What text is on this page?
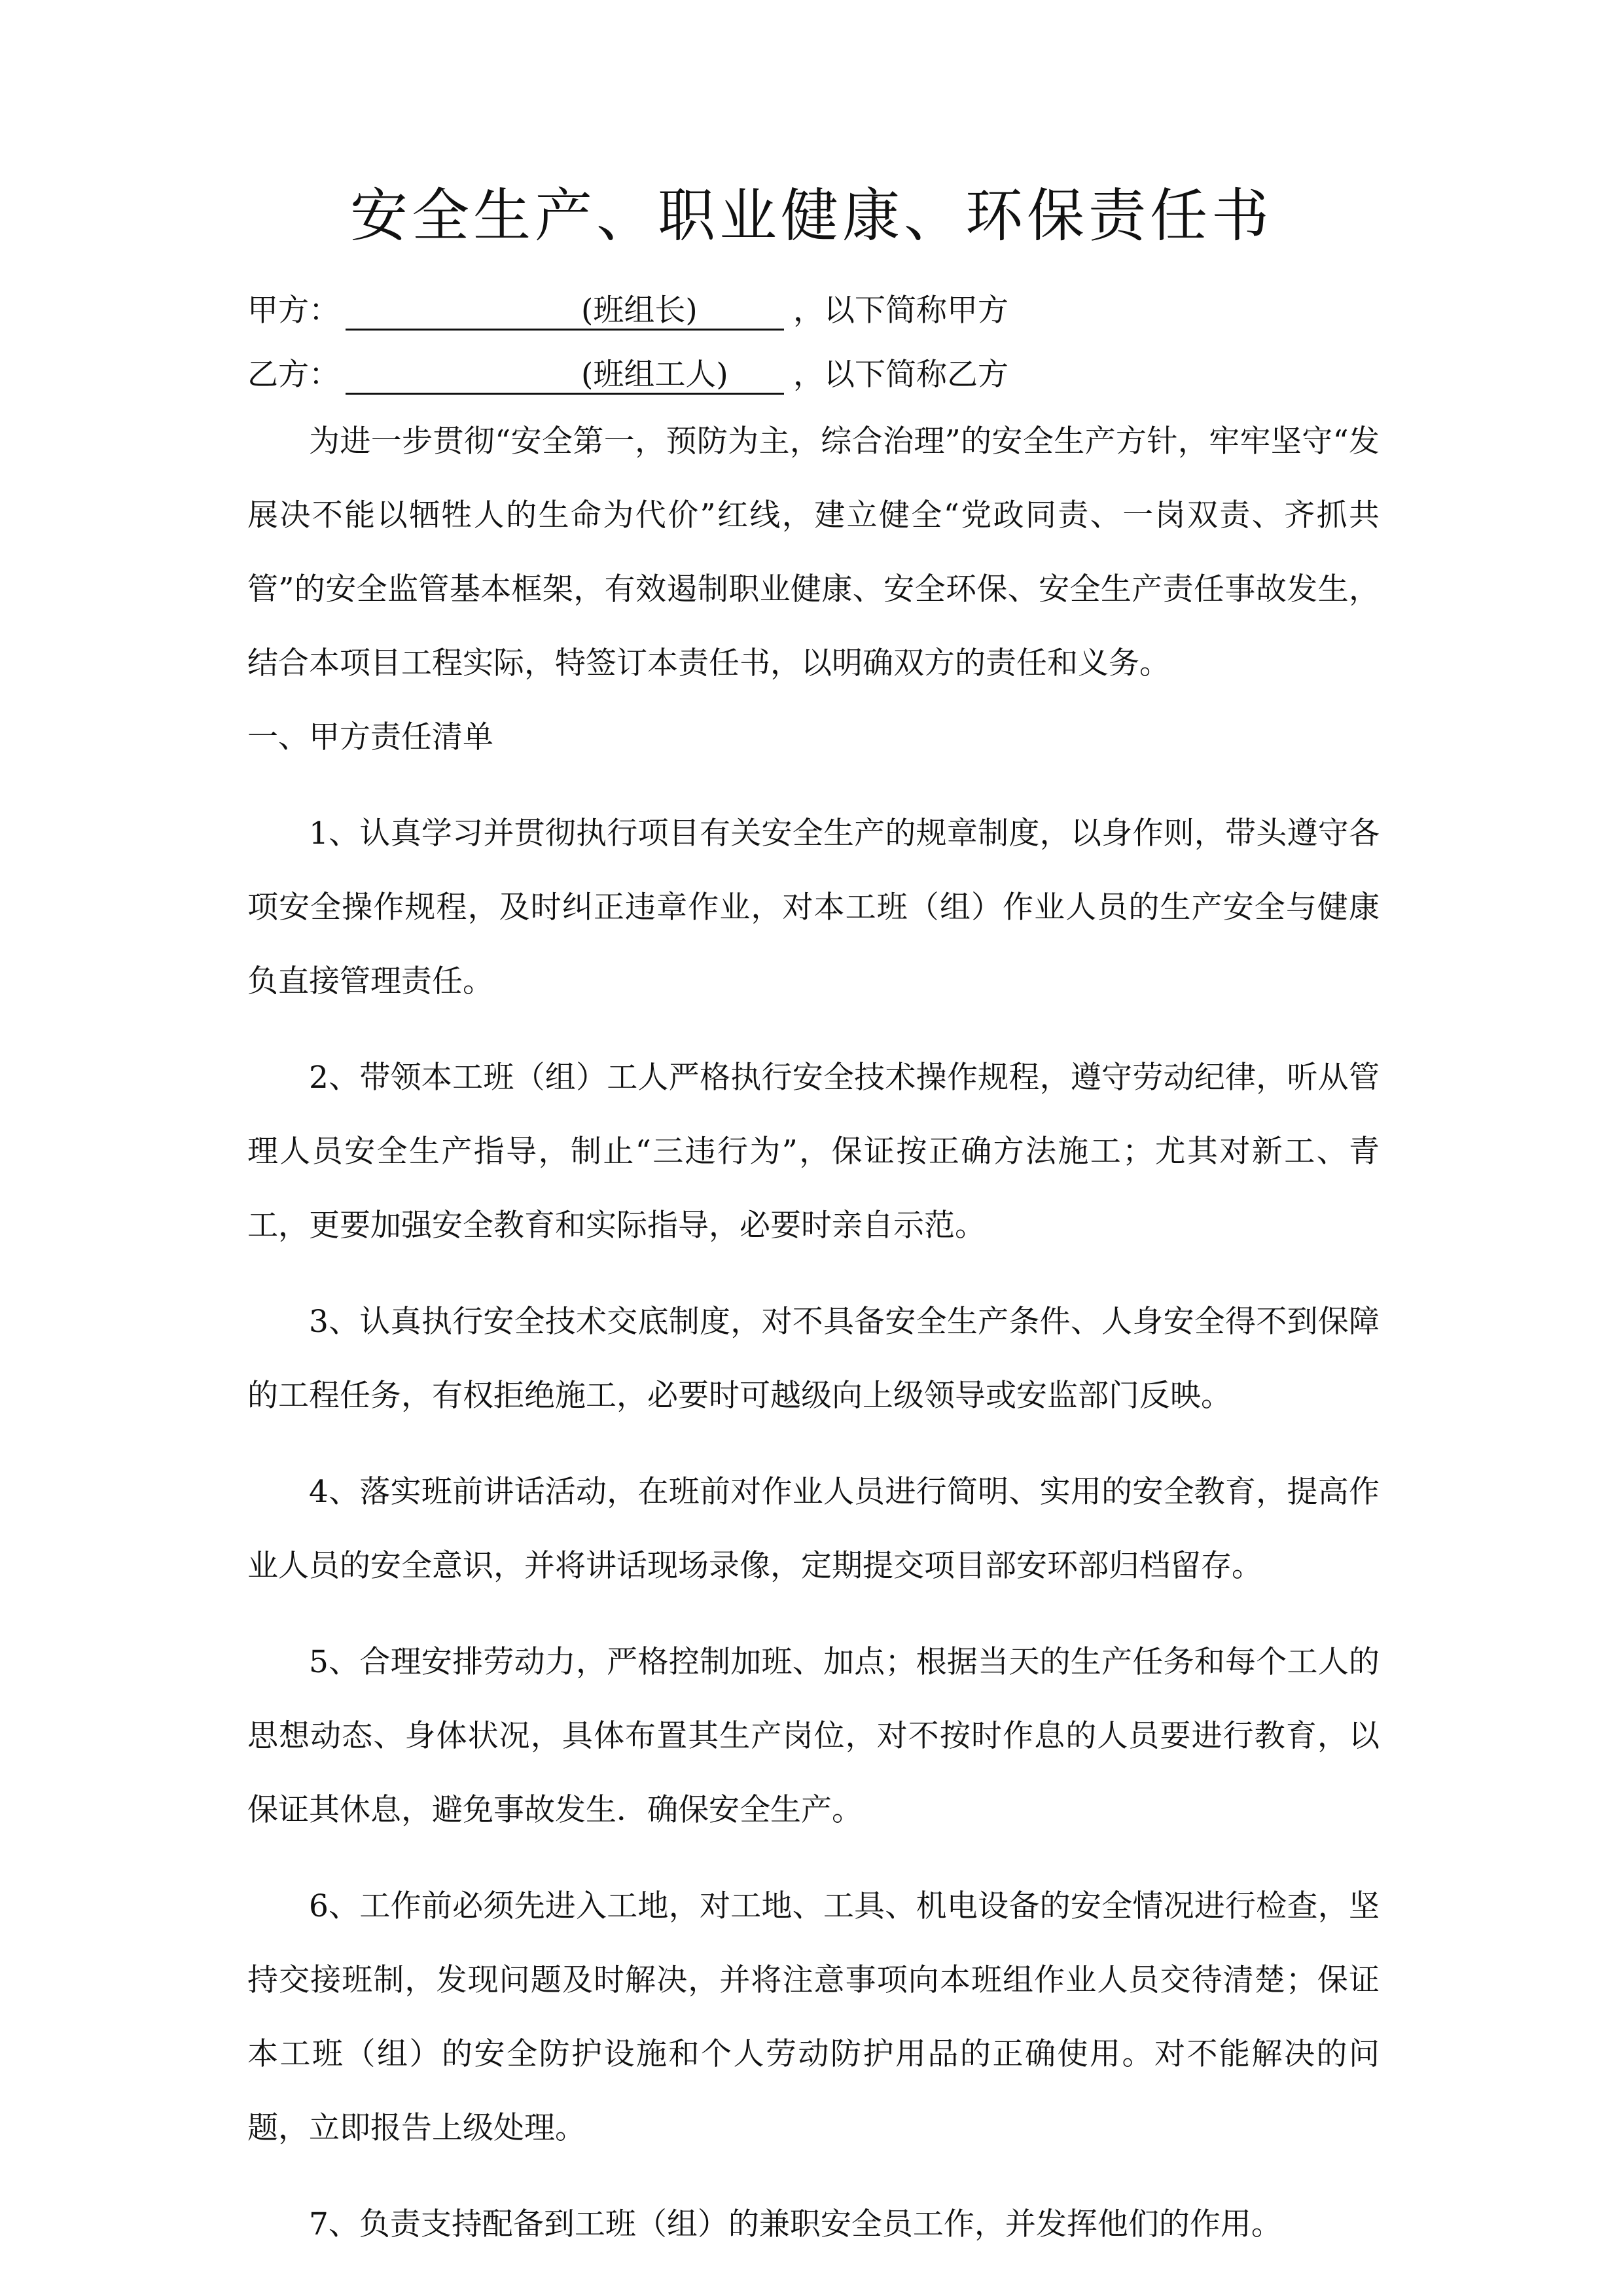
安全生产、职业健康、环保责任书
甲方：	(班组长)	，以下简称甲方
乙方：	(班组工人) ，以下简称乙方

为进一步贯彻“安全第一，预防为主，综合治理”的安全生产方针，牢牢坚守“发展决不能以牺牲人的生命为代价”红线，建立健全“党政同责、一岗双责、齐抓共管”的安全监管基本框架，有效遏制职业健康、安全环保、安全生产责任事故发生，结合本项目工程实际，特签订本责任书，以明确双方的责任和义务。

一、甲方责任清单

1、认真学习并贯彻执行项目有关安全生产的规章制度，以身作则，带头遵守各项安全操作规程，及时纠正违章作业，对本工班（组）作业人员的生产安全与健康负直接管理责任。

2、带领本工班（组）工人严格执行安全技术操作规程，遵守劳动纪律，听从管理人员安全生产指导，制止“三违行为”，保证按正确方法施工；尤其对新工、青工，更要加强安全教育和实际指导，必要时亲自示范。

3、认真执行安全技术交底制度，对不具备安全生产条件、人身安全得不到保障的工程任务，有权拒绝施工，必要时可越级向上级领导或安监部门反映。

4、落实班前讲话活动，在班前对作业人员进行简明、实用的安全教育，提高作业人员的安全意识，并将讲话现场录像，定期提交项目部安环部归档留存。

5、合理安排劳动力，严格控制加班、加点；根据当天的生产任务和每个工人的思想动态、身体状况，具体布置其生产岗位，对不按时作息的人员要进行教育，以保证其休息，避免事故发生．确保安全生产。

6、工作前必须先进入工地，对工地、工具、机电设备的安全情况进行检查，坚持交接班制，发现问题及时解决，并将注意事项向本班组作业人员交待清楚；保证本工班（组）的安全防护设施和个人劳动防护用品的正确使用。对不能解决的问题，立即报告上级处理。

7、负责支持配备到工班（组）的兼职安全员工作，并发挥他们的作用。
